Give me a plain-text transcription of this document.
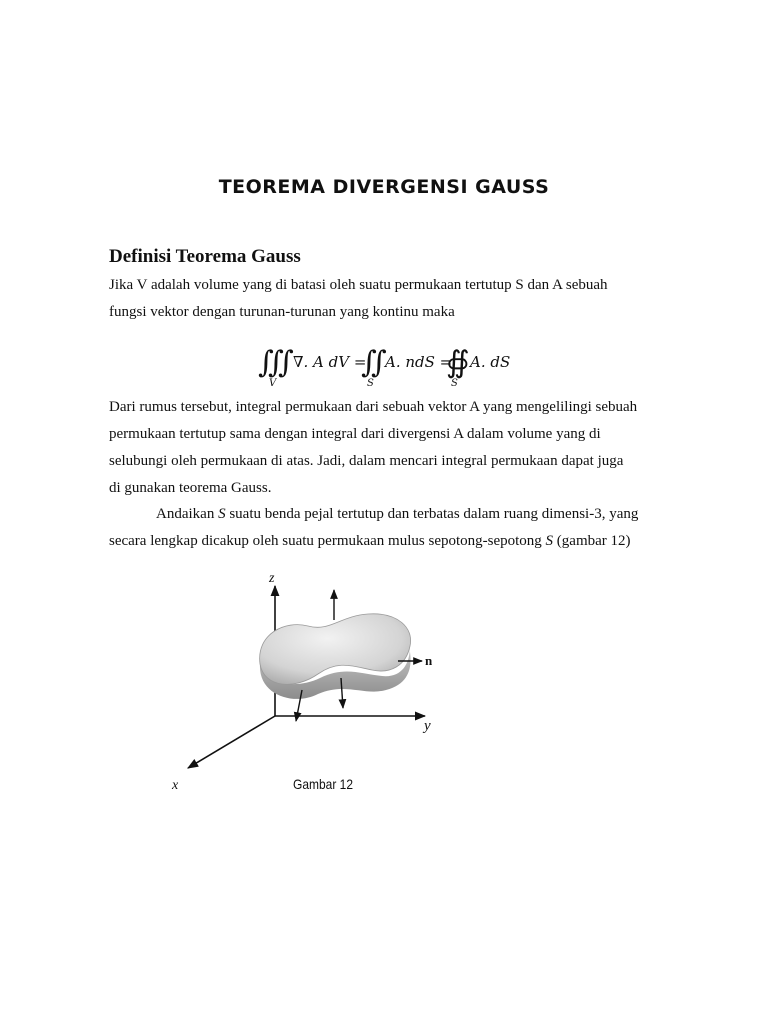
TEOREMA DIVERGENSI GAUSS
Definisi Teorema Gauss

Jika V adalah volume yang di batasi oleh suatu permukaan tertutup S dan A sebuah
fungsi vektor dengan turunan-turunan yang kontinu maka

∭
V
∇. A dV =
∬
S
A. ndS =
∯
S
A. dS

Dari rumus tersebut, integral permukaan dari sebuah vektor A yang mengelilingi sebuah
permukaan tertutup sama dengan integral dari divergensi A dalam volume yang di
selubungi oleh permukaan di atas. Jadi, dalam mencari integral permukaan dapat juga
di gunakan teorema Gauss.

Andaikan S suatu benda pejal tertutup dan terbatas dalam ruang dimensi-3, yang
secara lengkap dicakup oleh suatu permukaan mulus sepotong-sepotong S (gambar 12)

z
y
x
n
Gambar 12
